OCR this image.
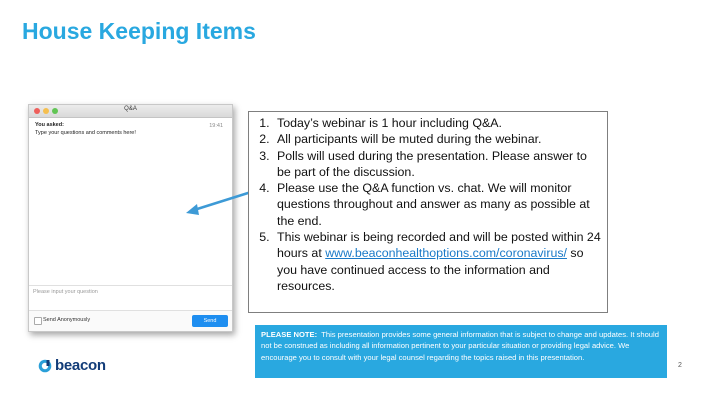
House Keeping Items
Q&A
You asked:	19:41
Type your questions and comments here!
Please input your question
Send Anonymously	Send
1. Today’s webinar is 1 hour including Q&A.
2. All participants will be muted during the webinar.
3. Polls will used during the presentation. Please answer to be part of the discussion.
4. Please use the Q&A function vs. chat. We will monitor questions throughout and answer as many as possible at the end.
5. This webinar is being recorded and will be posted within 24 hours at www.beaconhealthoptions.com/coronavirus/ so you have continued access to the information and resources.
PLEASE NOTE: This presentation provides some general information that is subject to change and updates. It should not be construed as including all information pertinent to your particular situation or providing legal advice. We encourage you to consult with your legal counsel regarding the topics raised in this presentation.
beacon	2
